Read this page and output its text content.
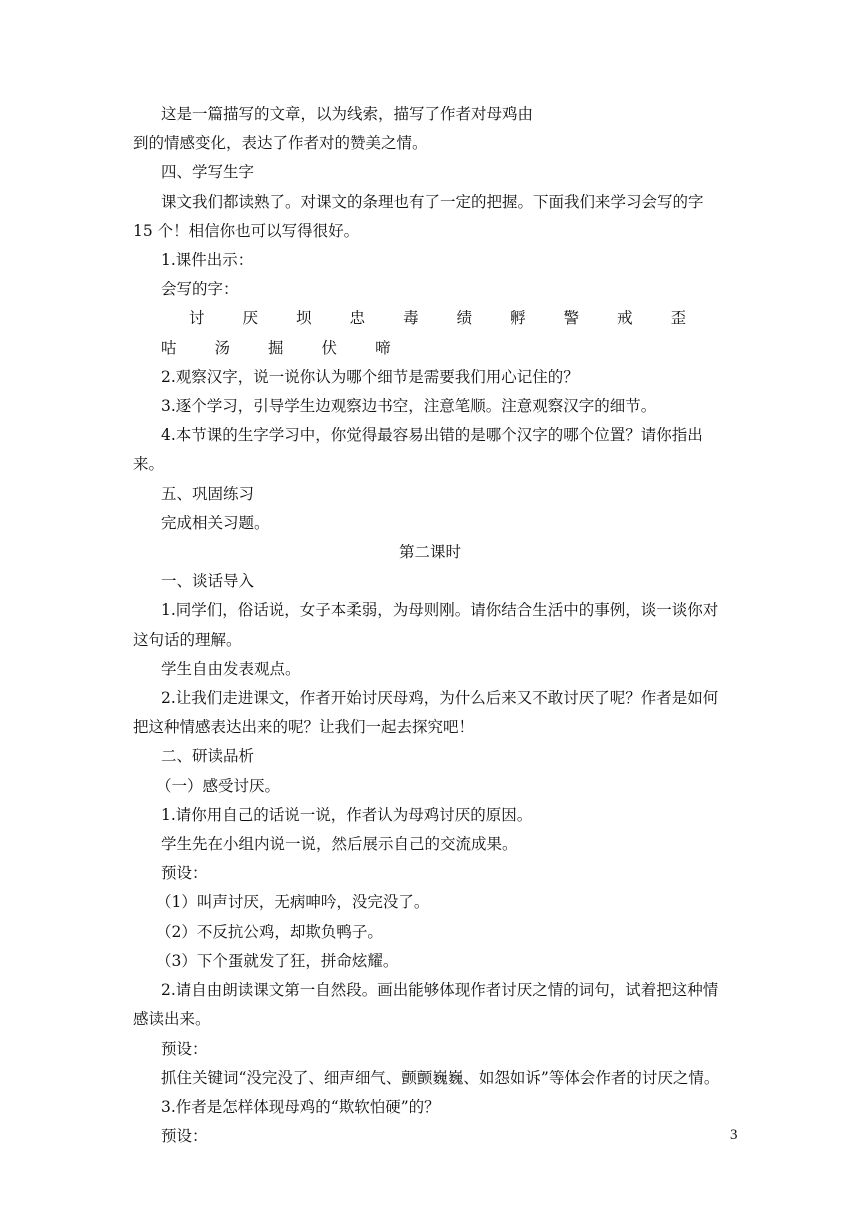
这是一篇描写的文章，以为线索，描写了作者对母鸡由

到的情感变化，表达了作者对的赞美之情。

四、学写生字

课文我们都读熟了。对课文的条理也有了一定的把握。下面我们来学习会写的字 15 个！相信你也可以写得很好。

1.课件出示：

会写的字：

讨 厌 坝 忠 毒 绩 孵 警 戒 歪咕 汤 掘 伏 啼

2.观察汉字，说一说你认为哪个细节是需要我们用心记住的？

3.逐个学习，引导学生边观察边书空，注意笔顺。注意观察汉字的细节。

4.本节课的生字学习中，你觉得最容易出错的是哪个汉字的哪个位置？请你指出来。

五、巩固练习

完成相关习题。

第二课时

一、谈话导入

1.同学们，俗话说，女子本柔弱，为母则刚。请你结合生活中的事例，谈一谈你对这句话的理解。

学生自由发表观点。

2.让我们走进课文，作者开始讨厌母鸡，为什么后来又不敢讨厌了呢？作者是如何把这种情感表达出来的呢？让我们一起去探究吧！

二、研读品析

（一）感受讨厌。

1.请你用自己的话说一说，作者认为母鸡讨厌的原因。

学生先在小组内说一说，然后展示自己的交流成果。

预设：

（1）叫声讨厌，无病呻吟，没完没了。

（2）不反抗公鸡，却欺负鸭子。

（3）下个蛋就发了狂，拼命炫耀。

2.请自由朗读课文第一自然段。画出能够体现作者讨厌之情的词句，试着把这种情感读出来。

预设：

抓住关键词“没完没了、细声细气、颤颤巍巍、如怨如诉”等体会作者的讨厌之情。

3.作者是怎样体现母鸡的“欺软怕硬”的？

预设：	3
